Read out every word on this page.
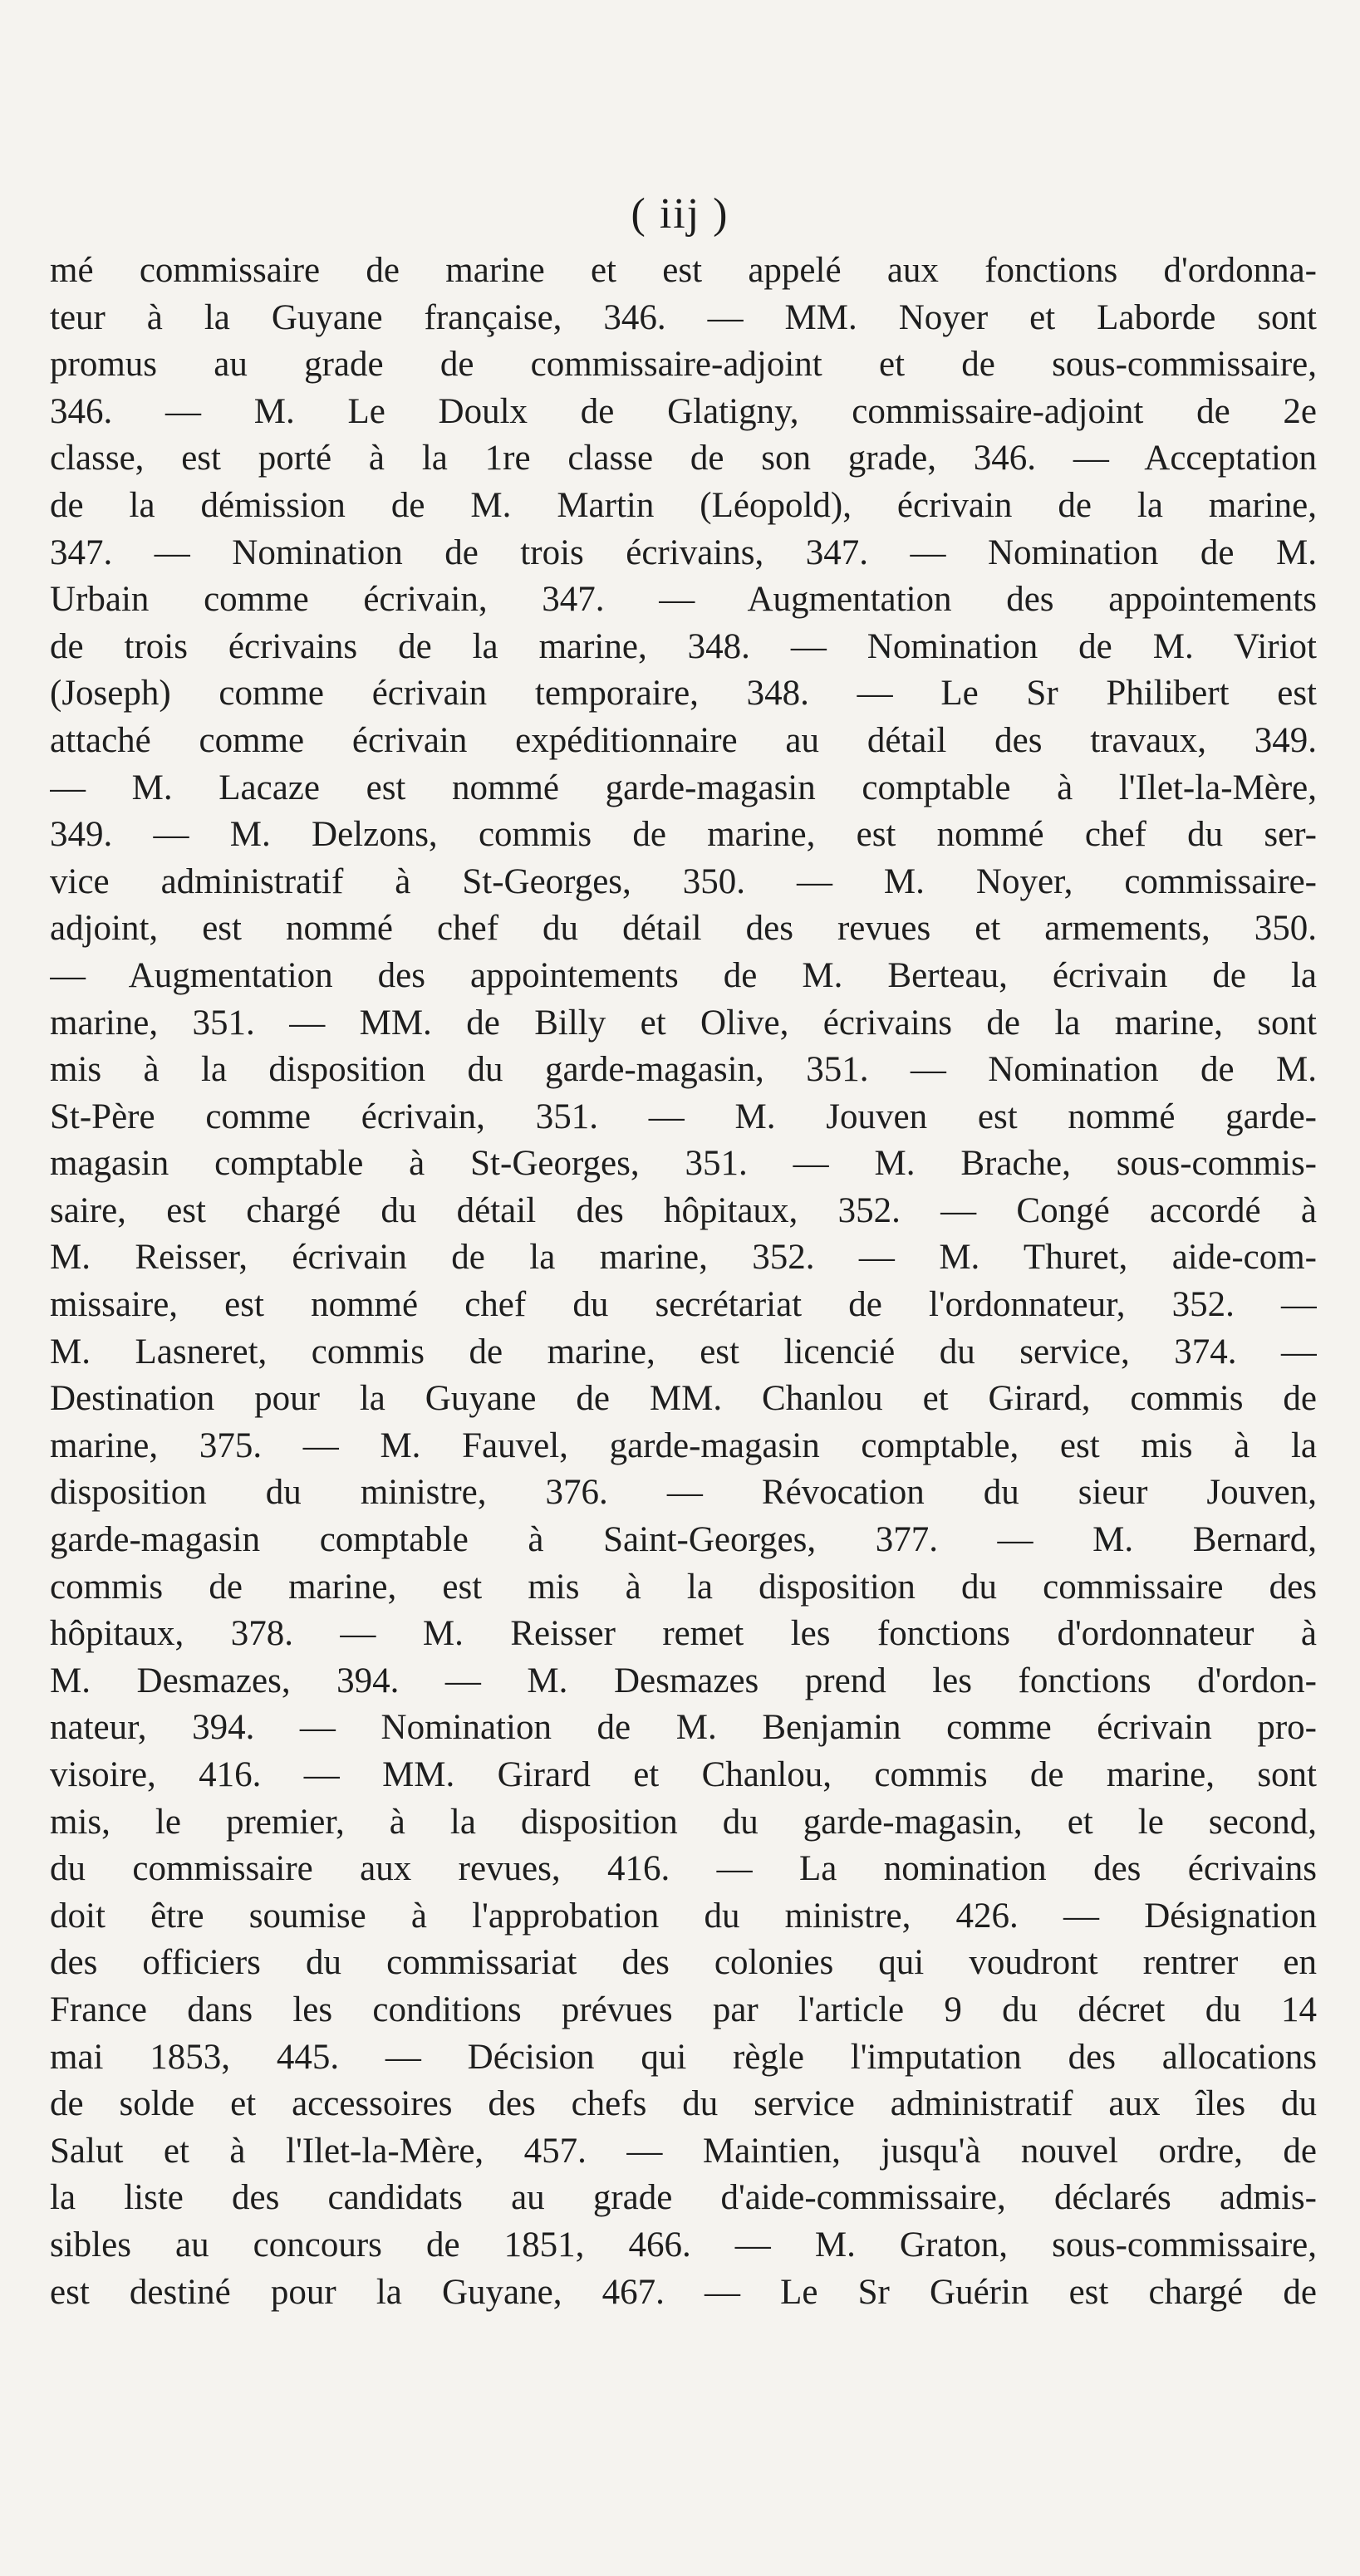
( iij )
mé commissaire de marine et est appelé aux fonctions d'ordonna-
teur à la Guyane française, 346. — MM. Noyer et Laborde sont
promus au grade de commissaire-adjoint et de sous-commissaire,
346. — M. Le Doulx de Glatigny, commissaire-adjoint de 2e
classe, est porté à la 1re classe de son grade, 346. — Acceptation
de la démission de M. Martin (Léopold), écrivain de la marine,
347. — Nomination de trois écrivains, 347. — Nomination de M.
Urbain comme écrivain, 347. — Augmentation des appointements
de trois écrivains de la marine, 348. — Nomination de M. Viriot
(Joseph) comme écrivain temporaire, 348. — Le Sr Philibert est
attaché comme écrivain expéditionnaire au détail des travaux, 349.
— M. Lacaze est nommé garde-magasin comptable à l'Ilet-la-Mère,
349. — M. Delzons, commis de marine, est nommé chef du ser-
vice administratif à St-Georges, 350. — M. Noyer, commissaire-
adjoint, est nommé chef du détail des revues et armements, 350.
— Augmentation des appointements de M. Berteau, écrivain de la
marine, 351. — MM. de Billy et Olive, écrivains de la marine, sont
mis à la disposition du garde-magasin, 351. — Nomination de M.
St-Père comme écrivain, 351. — M. Jouven est nommé garde-
magasin comptable à St-Georges, 351. — M. Brache, sous-commis-
saire, est chargé du détail des hôpitaux, 352. — Congé accordé à
M. Reisser, écrivain de la marine, 352. — M. Thuret, aide-com-
missaire, est nommé chef du secrétariat de l'ordonnateur, 352. —
M. Lasneret, commis de marine, est licencié du service, 374. —
Destination pour la Guyane de MM. Chanlou et Girard, commis de
marine, 375. — M. Fauvel, garde-magasin comptable, est mis à la
disposition du ministre, 376. — Révocation du sieur Jouven,
garde-magasin comptable à Saint-Georges, 377. — M. Bernard,
commis de marine, est mis à la disposition du commissaire des
hôpitaux, 378. — M. Reisser remet les fonctions d'ordonnateur à
M. Desmazes, 394. — M. Desmazes prend les fonctions d'ordon-
nateur, 394. — Nomination de M. Benjamin comme écrivain pro-
visoire, 416. — MM. Girard et Chanlou, commis de marine, sont
mis, le premier, à la disposition du garde-magasin, et le second,
du commissaire aux revues, 416. — La nomination des écrivains
doit être soumise à l'approbation du ministre, 426. — Désignation
des officiers du commissariat des colonies qui voudront rentrer en
France dans les conditions prévues par l'article 9 du décret du 14
mai 1853, 445. — Décision qui règle l'imputation des allocations
de solde et accessoires des chefs du service administratif aux îles du
Salut et à l'Ilet-la-Mère, 457. — Maintien, jusqu'à nouvel ordre, de
la liste des candidats au grade d'aide-commissaire, déclarés admis-
sibles au concours de 1851, 466. — M. Graton, sous-commissaire,
est destiné pour la Guyane, 467. — Le Sr Guérin est chargé de
